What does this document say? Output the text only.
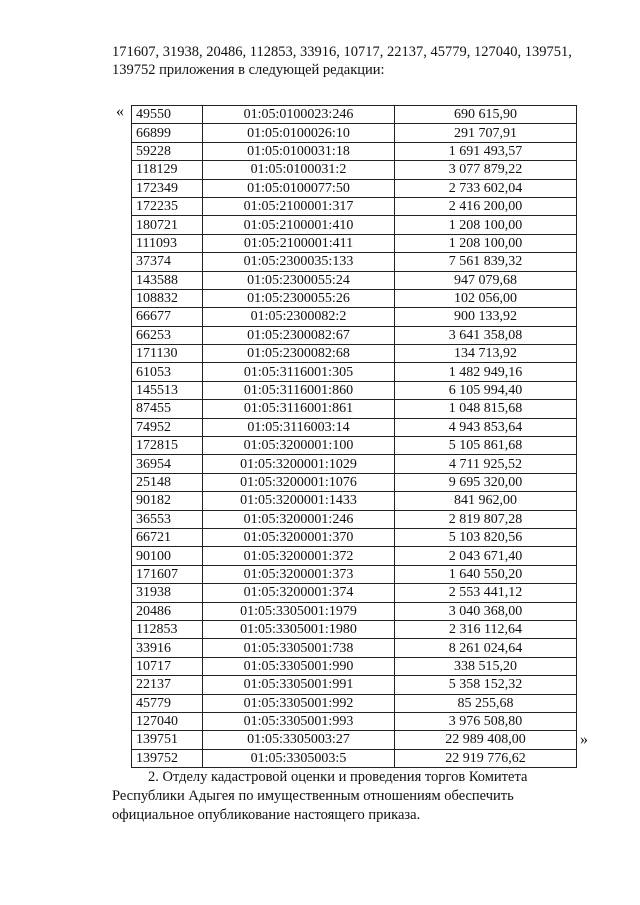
171607, 31938, 20486, 112853, 33916, 10717, 22137, 45779, 127040, 139751,

139752 приложения в следующей редакции:

« 49550	01:05:0100023:246	690 615,90
66899	01:05:0100026:10	291 707,91
59228	01:05:0100031:18	1 691 493,57
118129	01:05:0100031:2	3 077 879,22
172349	01:05:0100077:50	2 733 602,04
172235	01:05:2100001:317	2 416 200,00
180721	01:05:2100001:410	1 208 100,00
111093	01:05:2100001:411	1 208 100,00
37374	01:05:2300035:133	7 561 839,32
143588	01:05:2300055:24	947 079,68
108832	01:05:2300055:26	102 056,00
66677	01:05:2300082:2	900 133,92
66253	01:05:2300082:67	3 641 358,08
171130	01:05:2300082:68	134 713,92
61053	01:05:3116001:305	1 482 949,16
145513	01:05:3116001:860	6 105 994,40
87455	01:05:3116001:861	1 048 815,68
74952	01:05:3116003:14	4 943 853,64
172815	01:05:3200001:100	5 105 861,68
36954	01:05:3200001:1029	4 711 925,52
25148	01:05:3200001:1076	9 695 320,00
90182	01:05:3200001:1433	841 962,00
36553	01:05:3200001:246	2 819 807,28
66721	01:05:3200001:370	5 103 820,56
90100	01:05:3200001:372	2 043 671,40
171607	01:05:3200001:373	1 640 550,20
31938	01:05:3200001:374	2 553 441,12
20486	01:05:3305001:1979	3 040 368,00
112853	01:05:3305001:1980	2 316 112,64
33916	01:05:3305001:738	8 261 024,64
10717	01:05:3305001:990	338 515,20
22137	01:05:3305001:991	5 358 152,32
45779	01:05:3305001:992	85 255,68
127040	01:05:3305001:993	3 976 508,80
139751	01:05:3305003:27	22 989 408,00
139752	01:05:3305003:5	22 919 776,62
»

2. Отделу кадастровой оценки и проведения торгов Комитета

Республики Адыгея по имущественным отношениям обеспечить

официальное опубликование настоящего приказа.
